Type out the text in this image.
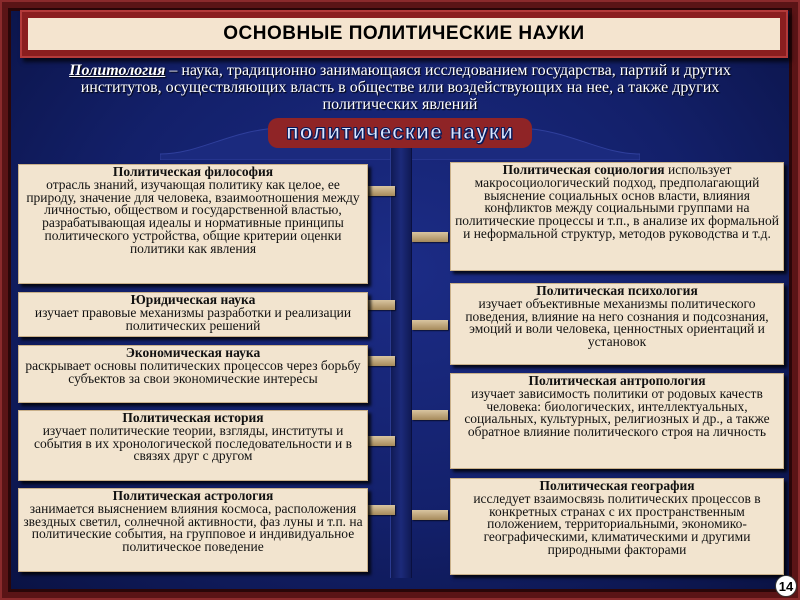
ОСНОВНЫЕ ПОЛИТИЧЕСКИЕ НАУКИ
Политология – наука, традиционно занимающаяся исследованием государства, партий и других институтов, осуществляющих власть в обществе или воздействующих на нее, а также других политических явлений
политические науки
Политическая философия
отрасль знаний, изучающая политику как целое, ее природу, значение для человека, взаимоотношения между личностью, обществом и государственной властью, разрабатывающая идеалы и нормативные принципы политического устройства, общие критерии оценки политики как явления
Юридическая наука
изучает правовые механизмы разработки и реализации политических решений
Экономическая наука
раскрывает основы политических процессов через борьбу субъектов за свои экономические интересы
Политическая история
изучает политические теории, взгляды, институты и события в их хронологической последовательности и в связях друг с другом
Политическая астрология
занимается выяснением влияния космоса, расположения звездных светил, солнечной активности, фаз луны и т.п. на политические события, на групповое и индивидуальное политическое поведение
Политическая социология использует макросоциологический подход, предполагающий выяснение социальных основ власти, влияния конфликтов между социальными группами на политические процессы и т.п., в анализе их формальной и неформальной структур, методов руководства и т.д.
Политическая психология
изучает объективные механизмы политического поведения, влияние на него сознания и подсознания, эмоций и воли человека, ценностных ориентаций и установок
Политическая антропология
изучает зависимость политики от родовых качеств человека: биологических, интеллектуальных, социальных, культурных, религиозных и др., а также обратное влияние политического строя на личность
Политическая география
исследует взаимосвязь политических процессов в конкретных странах с их пространственным положением, территориальными, экономико-географическими, климатическими и другими природными факторами
14
